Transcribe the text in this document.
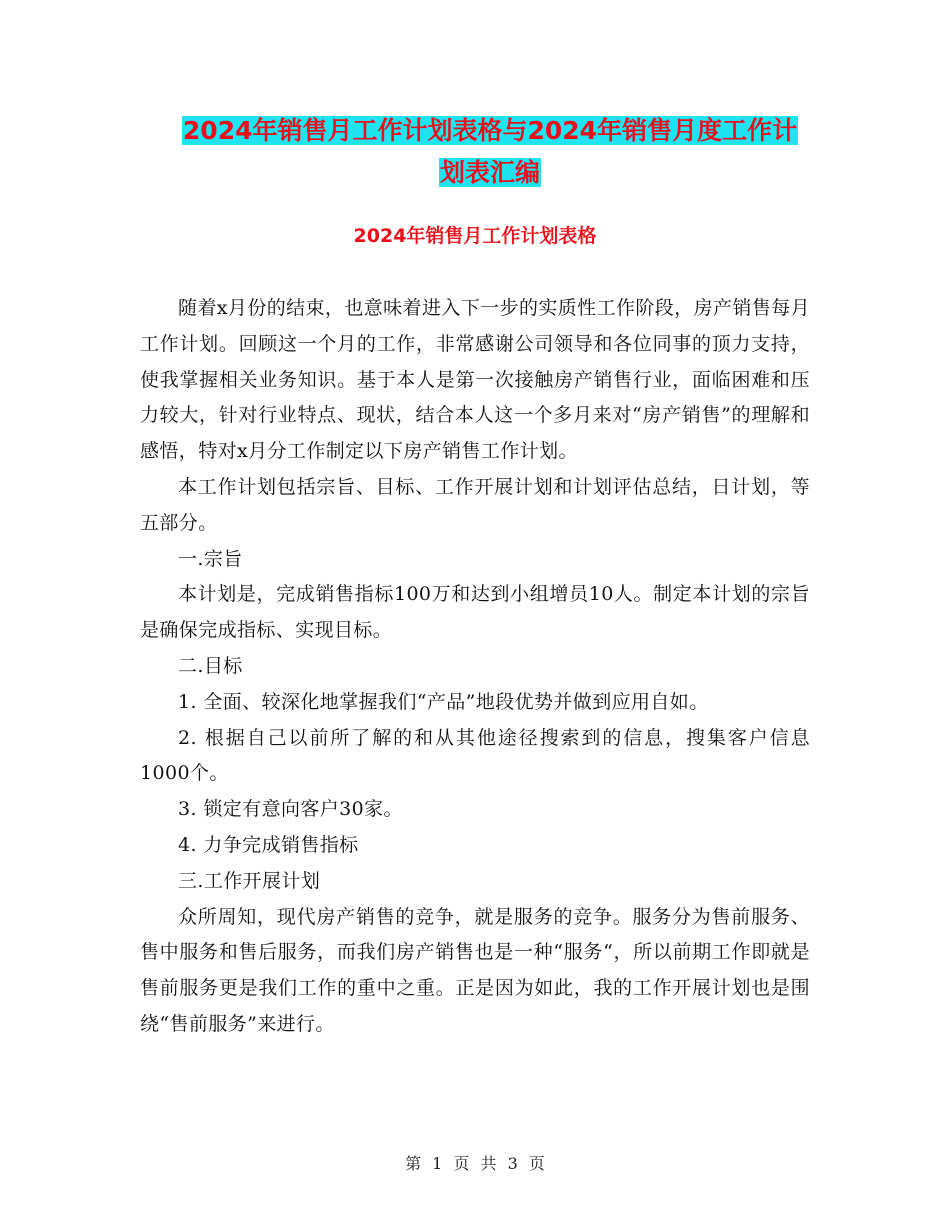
2024年销售月工作计划表格与2024年销售月度工作计
划表汇编
2024年销售月工作计划表格

随着x月份的结束，也意味着进入下一步的实质性工作阶段，房产销售每月工作计划。回顾这一个月的工作，非常感谢公司领导和各位同事的顶力支持，使我掌握相关业务知识。基于本人是第一次接触房产销售行业，面临困难和压力较大，针对行业特点、现状，结合本人这一个多月来对“房产销售”的理解和感悟，特对x月分工作制定以下房产销售工作计划。

本工作计划包括宗旨、目标、工作开展计划和计划评估总结，日计划，等五部分。

一.宗旨

本计划是，完成销售指标100万和达到小组增员10人。制定本计划的宗旨是确保完成指标、实现目标。

二.目标

1. 全面、较深化地掌握我们“产品”地段优势并做到应用自如。

2. 根据自己以前所了解的和从其他途径搜索到的信息，搜集客户信息1000个。

3. 锁定有意向客户30家。

4. 力争完成销售指标

三.工作开展计划

众所周知，现代房产销售的竞争，就是服务的竞争。服务分为售前服务、售中服务和售后服务，而我们房产销售也是一种“服务“，所以前期工作即就是售前服务更是我们工作的重中之重。正是因为如此，我的工作开展计划也是围绕“售前服务”来进行。

第 1 页 共 3 页
